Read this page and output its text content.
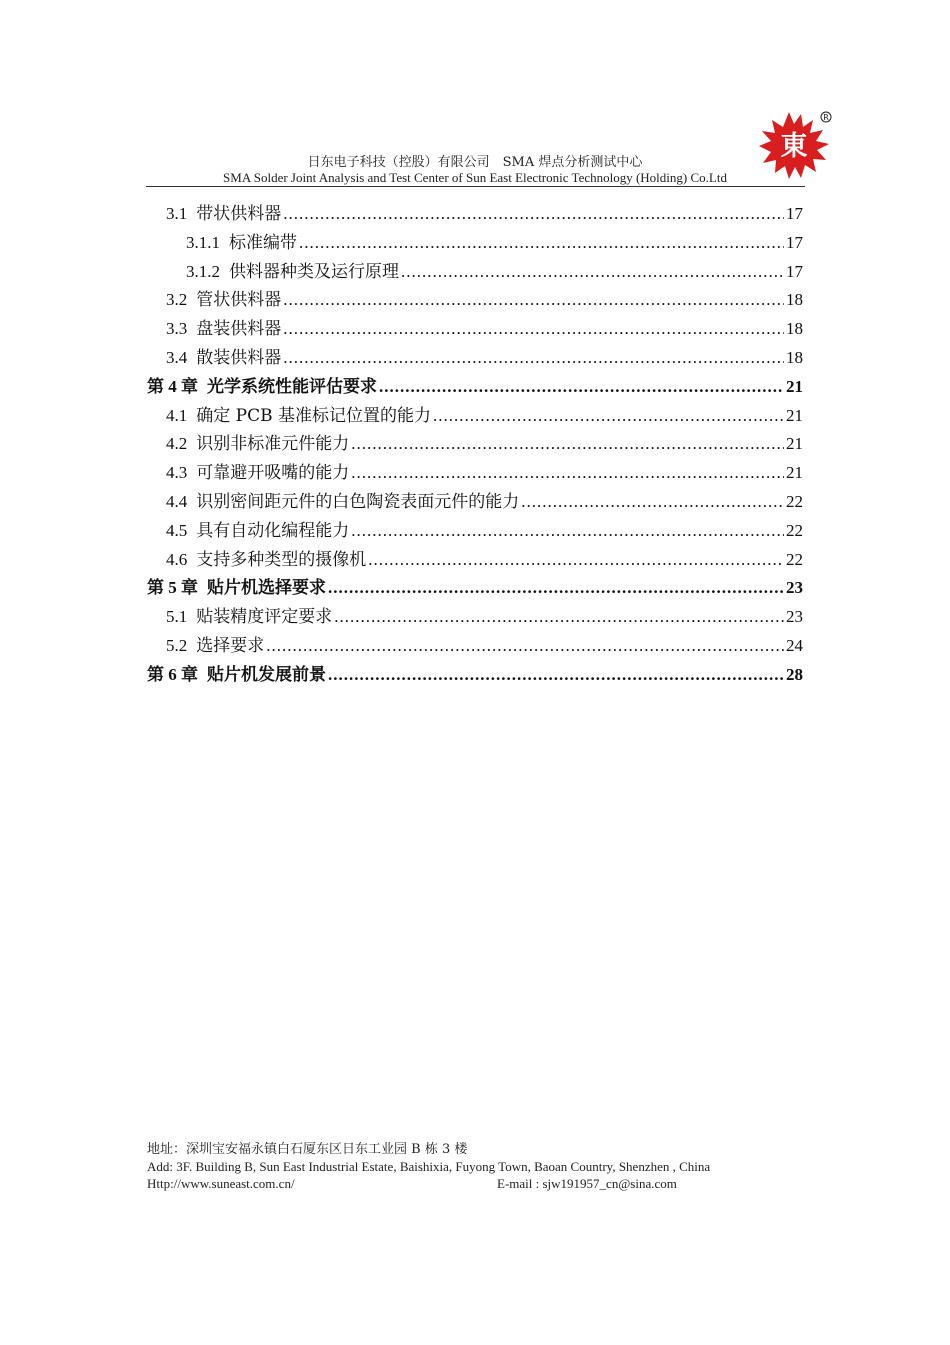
日东电子科技（控股）有限公司　SMA 焊点分析测试中心
SMA Solder Joint Analysis and Test Center of Sun East Electronic Technology (Holding) Co.Ltd
東
R
3.1 带状供料器 .....	17
3.1.1 标准编带 .....	17
3.1.2 供料器种类及运行原理 .....	17
3.2 管状供料器 .....	18
3.3 盘装供料器 .....	18
3.4 散装供料器 .....	18
第 4 章 光学系统性能评估要求 .....	21
4.1 确定 PCB 基准标记位置的能力 .....	21
4.2 识别非标准元件能力 .....	21
4.3 可靠避开吸嘴的能力 .....	21
4.4 识别密间距元件的白色陶瓷表面元件的能力 .....	22
4.5 具有自动化编程能力 .....	22
4.6 支持多种类型的摄像机 .....	22
第 5 章 贴片机选择要求 .....	23
5.1 贴装精度评定要求 .....	23
5.2 选择要求 .....	24
第 6 章 贴片机发展前景 .....	28
地址：深圳宝安福永镇白石厦东区日东工业园 B 栋 3 楼
Add: 3F. Building B, Sun East Industrial Estate, Baishixia, Fuyong Town, Baoan Country, Shenzhen , China
Http://www.suneast.com.cn/	E-mail : sjw191957_cn@sina.com
